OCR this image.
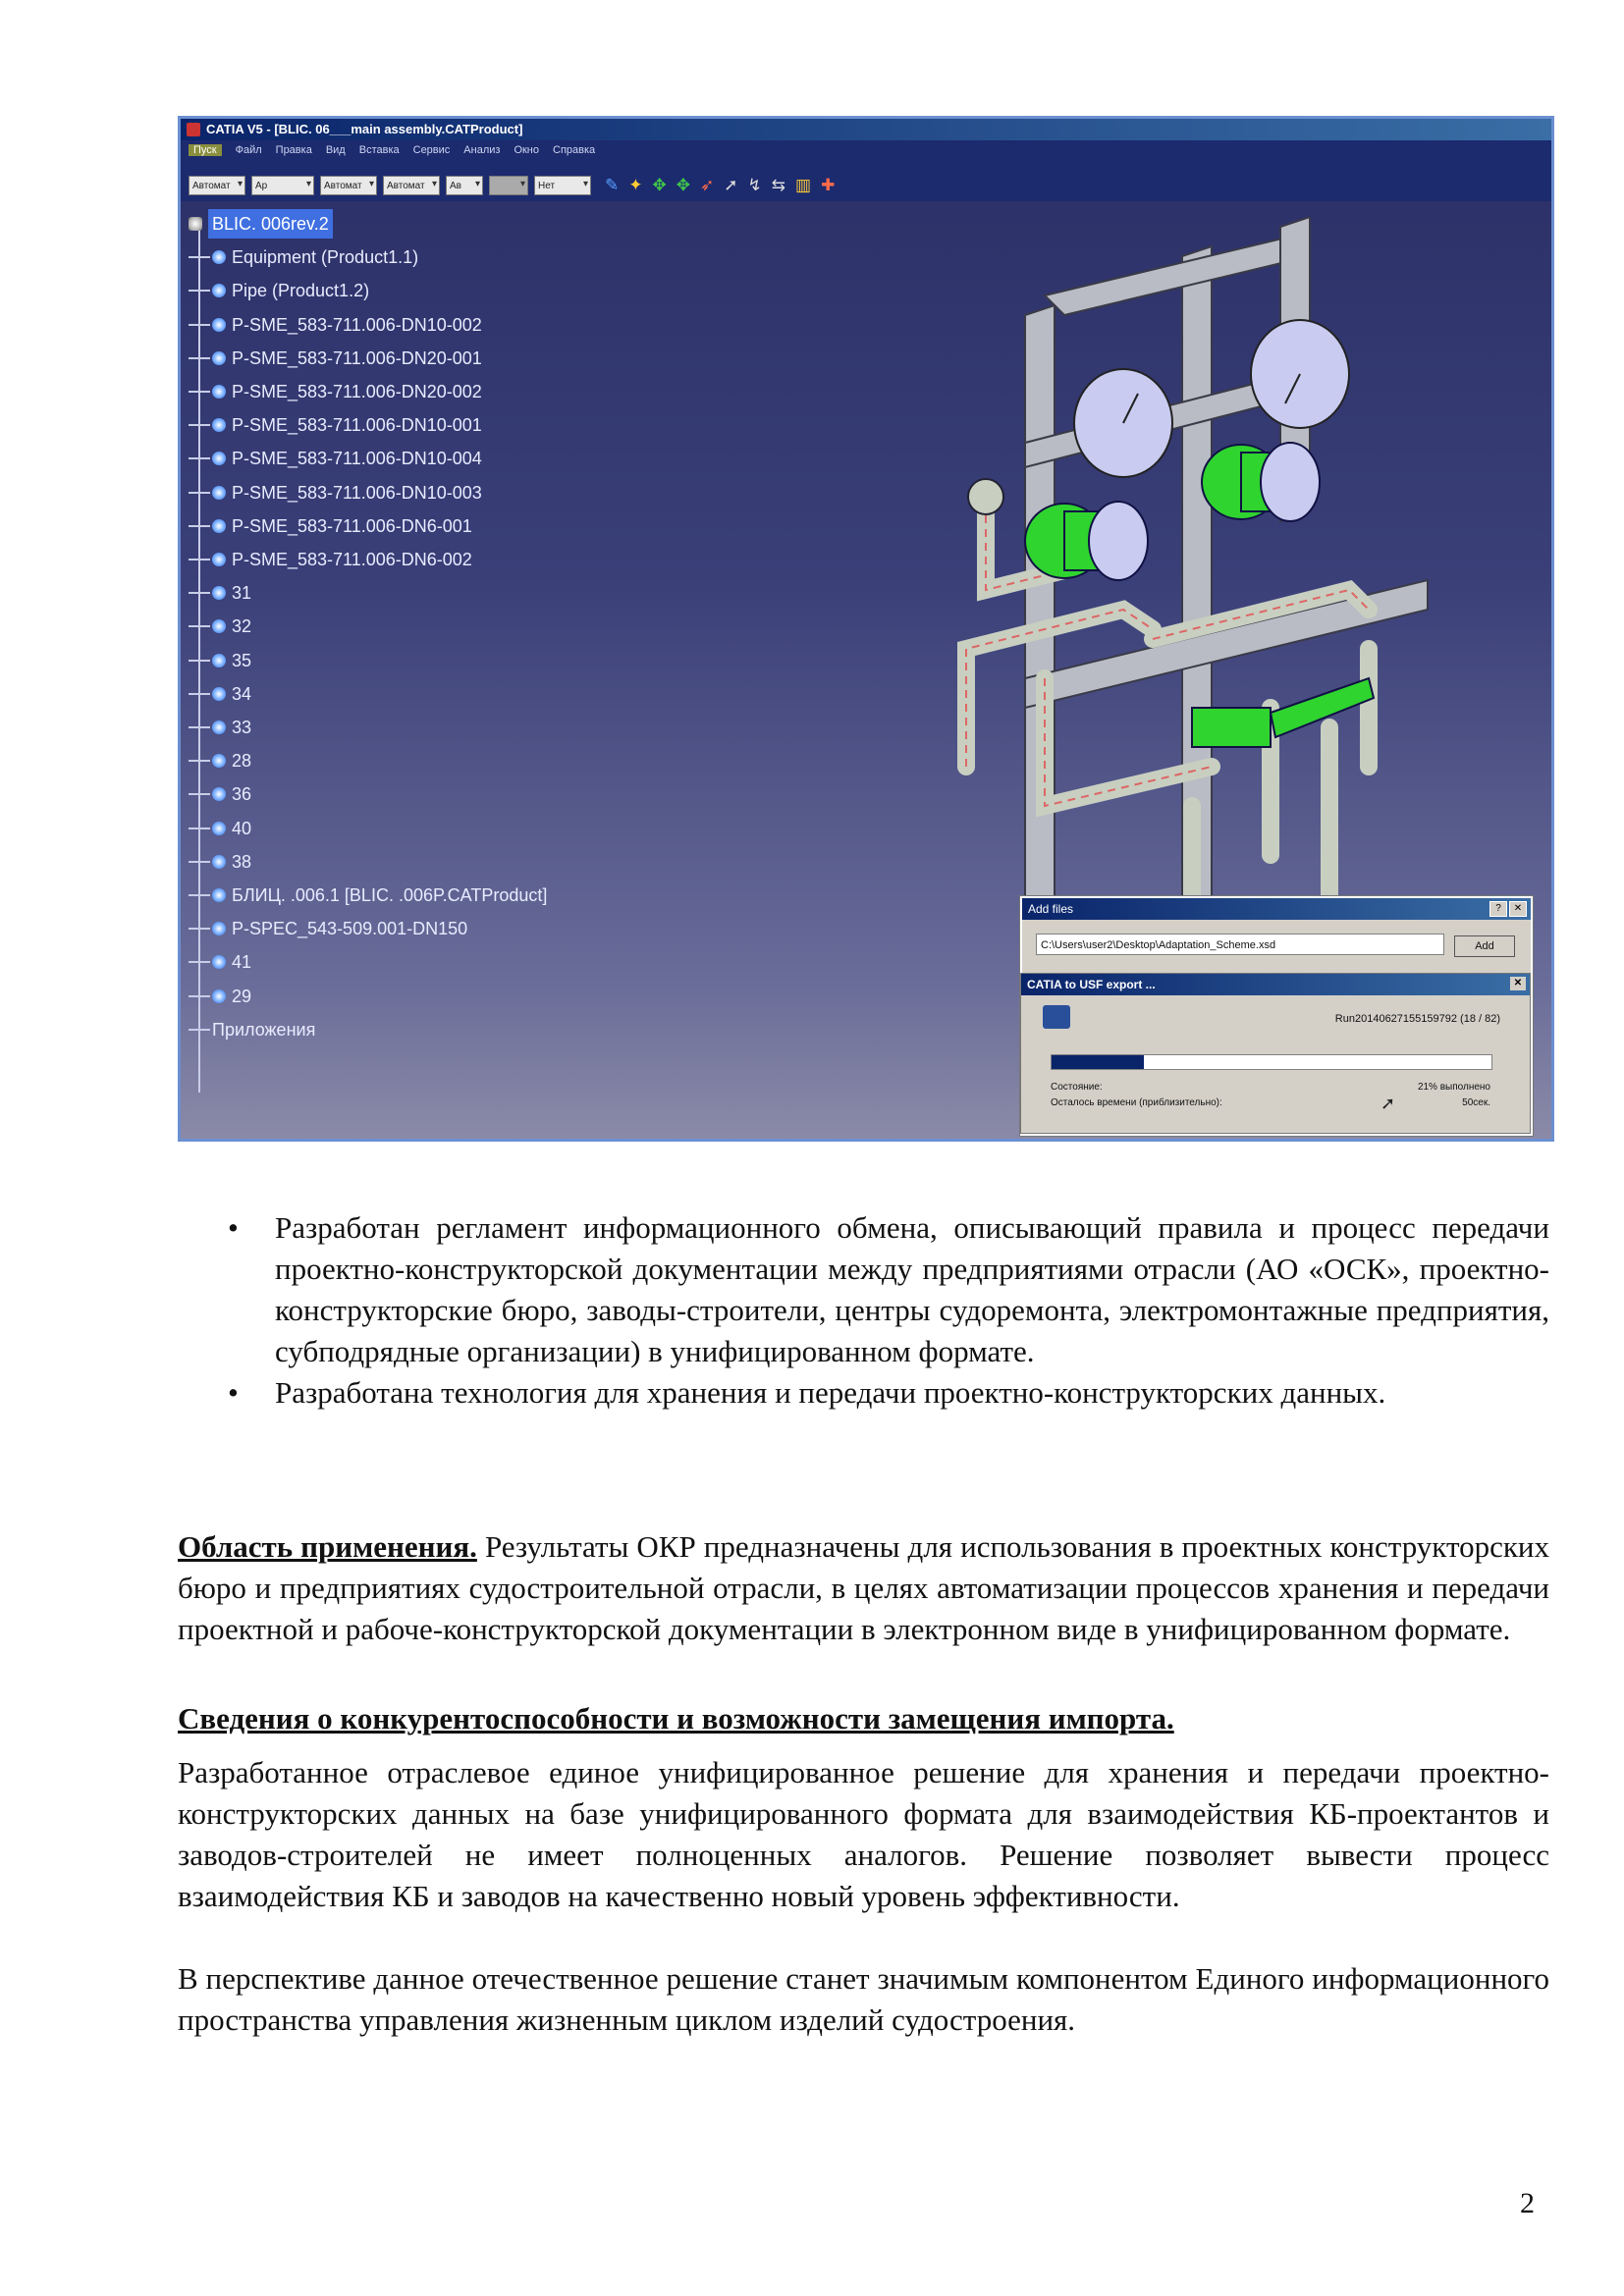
CATIA V5 - [BLIC. 06___main assembly.CATProduct]
Пуск	Файл Правка Вид Вставка Сервис Анализ Окно Справка
Автомат ▾	Ар ▾	Автомат ▾	Автомат ▾	Ав ▾
▾	Нет ▾	✎ ✦ ✥ ✥ ➶ ➚ ↯ ⇆ ▥ ✚
BLIC. 006rev.2
Equipment (Product1.1)
Pipe (Product1.2)
P-SME_583-711.006-DN10-002
P-SME_583-711.006-DN20-001
P-SME_583-711.006-DN20-002
P-SME_583-711.006-DN10-001
P-SME_583-711.006-DN10-004
P-SME_583-711.006-DN10-003
P-SME_583-711.006-DN6-001
P-SME_583-711.006-DN6-002
31
32
35
34
33
28
36
40
38
БЛИЦ. .006.1 [BLIC. .006P.CATProduct]
P-SPEC_543-509.001-DN150
41
29
Приложения
Add files	?	✕
C:\Users\user2\Desktop\Adaptation_Scheme.xsd	Add
CATIA to USF export ...	✕
Run20140627155159792 (18 / 82)
Состояние:	21% выполнено
Осталось времени (приблизительно):	50сек.
➚
• Разработан регламент информационного обмена, описывающий правила и процесс передачи проектно-конструкторской документации между предприятиями отрасли (АО «ОСК», проектно-конструкторские бюро, заводы-строители, центры судоремонта, электромонтажные предприятия, субподрядные организации) в унифицированном формате.
• Разработана технология для хранения и передачи проектно-конструкторских данных.
Область применения. Результаты ОКР предназначены для использования в проектных конструкторских бюро и предприятиях судостроительной отрасли, в целях автоматизации процессов хранения и передачи проектной и рабоче-конструкторской документации в электронном виде в унифицированном формате.
Сведения о конкурентоспособности и возможности замещения импорта.
Разработанное отраслевое единое унифицированное решение для хранения и передачи проектно-конструкторских данных на базе унифицированного формата для взаимодействия КБ-проектантов и заводов-строителей не имеет полноценных аналогов. Решение позволяет вывести процесс взаимодействия КБ и заводов на качественно новый уровень эффективности.
В перспективе данное отечественное решение станет значимым компонентом Единого информационного пространства управления жизненным циклом изделий судостроения.
2
